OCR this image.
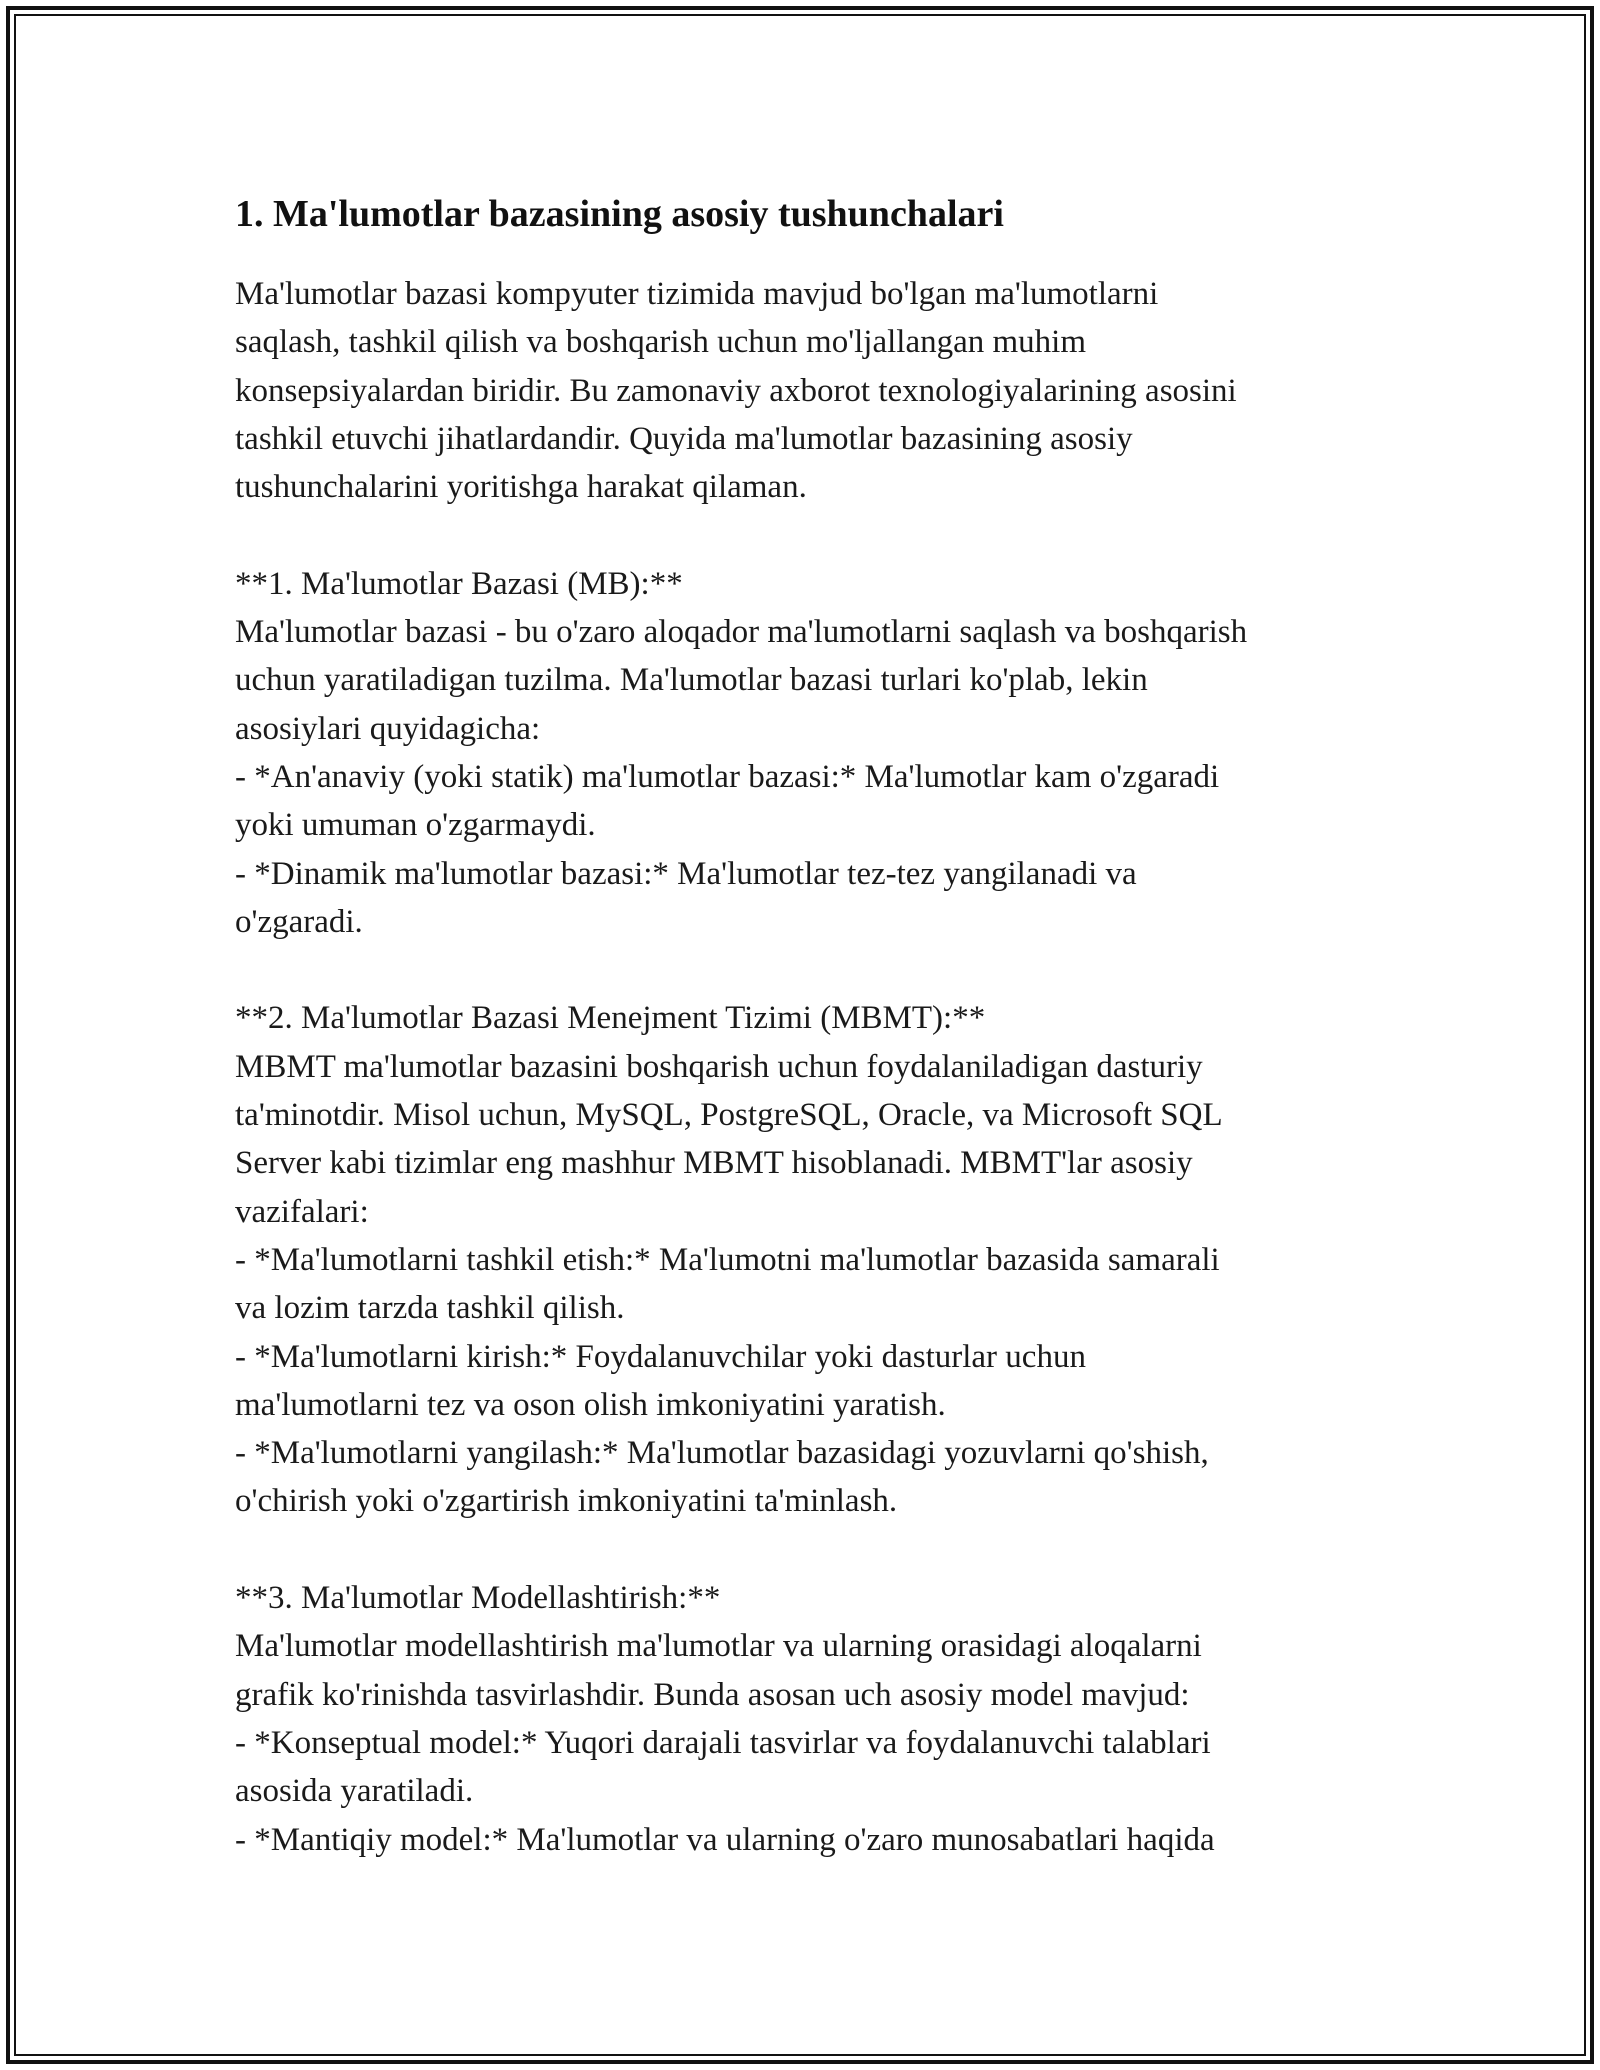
1. Ma'lumotlar bazasining asosiy tushunchalari
Ma'lumotlar bazasi kompyuter tizimida mavjud bo'lgan ma'lumotlarni
saqlash, tashkil qilish va boshqarish uchun mo'ljallangan muhim
konsepsiyalardan biridir. Bu zamonaviy axborot texnologiyalarining asosini
tashkil etuvchi jihatlardandir. Quyida ma'lumotlar bazasining asosiy
tushunchalarini yoritishga harakat qilaman.
**1. Ma'lumotlar Bazasi (MB):**
Ma'lumotlar bazasi - bu o'zaro aloqador ma'lumotlarni saqlash va boshqarish
uchun yaratiladigan tuzilma. Ma'lumotlar bazasi turlari ko'plab, lekin
asosiylari quyidagicha:
- *An'anaviy (yoki statik) ma'lumotlar bazasi:* Ma'lumotlar kam o'zgaradi
yoki umuman o'zgarmaydi.
- *Dinamik ma'lumotlar bazasi:* Ma'lumotlar tez-tez yangilanadi va
o'zgaradi.
**2. Ma'lumotlar Bazasi Menejment Tizimi (MBMT):**
MBMT ma'lumotlar bazasini boshqarish uchun foydalaniladigan dasturiy
ta'minotdir. Misol uchun, MySQL, PostgreSQL, Oracle, va Microsoft SQL
Server kabi tizimlar eng mashhur MBMT hisoblanadi. MBMT'lar asosiy
vazifalari:
- *Ma'lumotlarni tashkil etish:* Ma'lumotni ma'lumotlar bazasida samarali
va lozim tarzda tashkil qilish.
- *Ma'lumotlarni kirish:* Foydalanuvchilar yoki dasturlar uchun
ma'lumotlarni tez va oson olish imkoniyatini yaratish.
- *Ma'lumotlarni yangilash:* Ma'lumotlar bazasidagi yozuvlarni qo'shish,
o'chirish yoki o'zgartirish imkoniyatini ta'minlash.
**3. Ma'lumotlar Modellashtirish:**
Ma'lumotlar modellashtirish ma'lumotlar va ularning orasidagi aloqalarni
grafik ko'rinishda tasvirlashdir. Bunda asosan uch asosiy model mavjud:
- *Konseptual model:* Yuqori darajali tasvirlar va foydalanuvchi talablari
asosida yaratiladi.
- *Mantiqiy model:* Ma'lumotlar va ularning o'zaro munosabatlari haqida
